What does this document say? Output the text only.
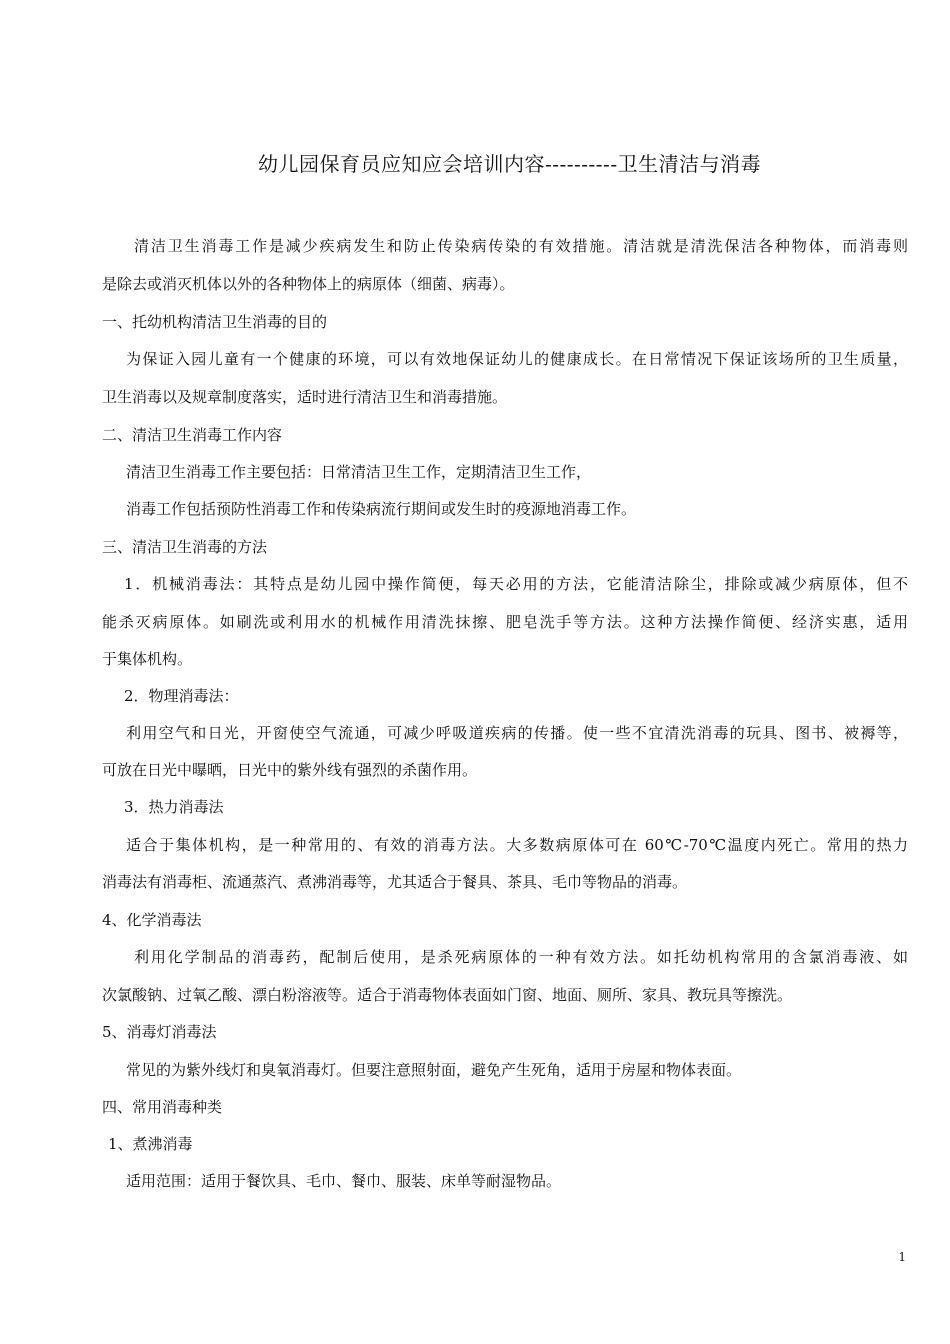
幼儿园保育员应知应会培训内容----------卫生清洁与消毒
清洁卫生消毒工作是减少疾病发生和防止传染病传染的有效措施。清洁就是清洗保洁各种物体，而消毒则
是除去或消灭机体以外的各种物体上的病原体（细菌、病毒）。
一、托幼机构清洁卫生消毒的目的
为保证入园儿童有一个健康的环境，可以有效地保证幼儿的健康成长。在日常情况下保证该场所的卫生质量，
卫生消毒以及规章制度落实，适时进行清洁卫生和消毒措施。
二、清洁卫生消毒工作内容
清洁卫生消毒工作主要包括：日常清洁卫生工作，定期清洁卫生工作，
消毒工作包括预防性消毒工作和传染病流行期间或发生时的疫源地消毒工作。
三、清洁卫生消毒的方法
1．机械消毒法：其特点是幼儿园中操作简便，每天必用的方法，它能清洁除尘，排除或减少病原体，但不
能杀灭病原体。如刷洗或利用水的机械作用清洗抹擦、肥皂洗手等方法。这种方法操作简便、经济实惠，适用
于集体机构。
2．物理消毒法：
利用空气和日光，开窗使空气流通，可减少呼吸道疾病的传播。使一些不宜清洗消毒的玩具、图书、被褥等，
可放在日光中曝晒，日光中的紫外线有强烈的杀菌作用。
3．热力消毒法
适合于集体机构，是一种常用的、有效的消毒方法。大多数病原体可在 60℃-70℃温度内死亡。常用的热力
消毒法有消毒柜、流通蒸汽、煮沸消毒等，尤其适合于餐具、茶具、毛巾等物品的消毒。
4、化学消毒法
利用化学制品的消毒药，配制后使用，是杀死病原体的一种有效方法。如托幼机构常用的含氯消毒液、如
次氯酸钠、过氧乙酸、漂白粉溶液等。适合于消毒物体表面如门窗、地面、厕所、家具、教玩具等擦洗。
5、消毒灯消毒法
常见的为紫外线灯和臭氧消毒灯。但要注意照射面，避免产生死角，适用于房屋和物体表面。
四、常用消毒种类
1、煮沸消毒
适用范围：适用于餐饮具、毛巾、餐巾、服装、床单等耐湿物品。
1
